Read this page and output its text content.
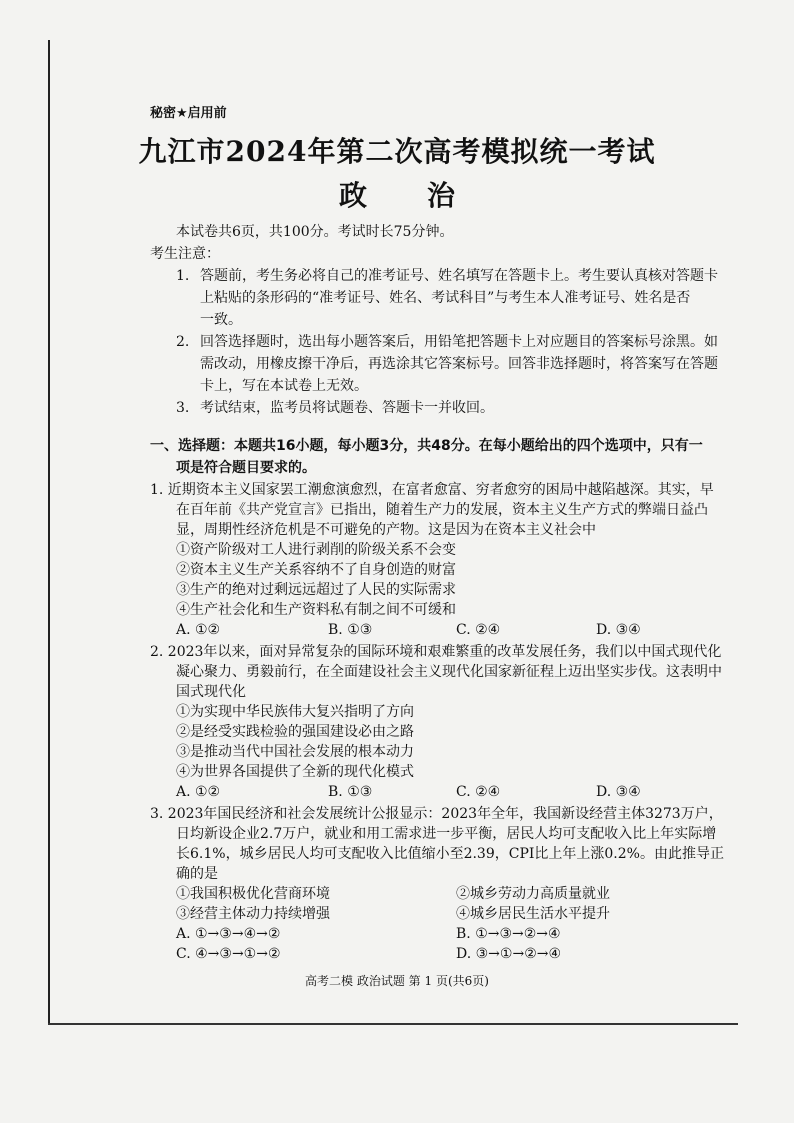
秘密★启用前
九江市2024年第二次高考模拟统一考试
政治
本试卷共6页，共100分。考试时长75分钟。
考生注意：
1. 答题前，考生务必将自己的准考证号、姓名填写在答题卡上。考生要认真核对答题卡
上粘贴的条形码的“准考证号、姓名、考试科目”与考生本人准考证号、姓名是否
一致。
2. 回答选择题时，选出每小题答案后，用铅笔把答题卡上对应题目的答案标号涂黑。如
需改动，用橡皮擦干净后，再选涂其它答案标号。回答非选择题时，将答案写在答题
卡上，写在本试卷上无效。
3. 考试结束，监考员将试题卷、答题卡一并收回。
一、选择题：本题共16小题，每小题3分，共48分。在每小题给出的四个选项中，只有一
项是符合题目要求的。
1. 近期资本主义国家罢工潮愈演愈烈，在富者愈富、穷者愈穷的困局中越陷越深。其实，早
在百年前《共产党宣言》已指出，随着生产力的发展，资本主义生产方式的弊端日益凸
显，周期性经济危机是不可避免的产物。这是因为在资本主义社会中
①资产阶级对工人进行剥削的阶级关系不会变
②资本主义生产关系容纳不了自身创造的财富
③生产的绝对过剩远远超过了人民的实际需求
④生产社会化和生产资料私有制之间不可缓和
A. ①②	B. ①③	C. ②④	D. ③④
2. 2023年以来，面对异常复杂的国际环境和艰难繁重的改革发展任务，我们以中国式现代化
凝心聚力、勇毅前行，在全面建设社会主义现代化国家新征程上迈出坚实步伐。这表明中
国式现代化
①为实现中华民族伟大复兴指明了方向
②是经受实践检验的强国建设必由之路
③是推动当代中国社会发展的根本动力
④为世界各国提供了全新的现代化模式
A. ①②	B. ①③	C. ②④	D. ③④
3. 2023年国民经济和社会发展统计公报显示：2023年全年，我国新设经营主体3273万户，
日均新设企业2.7万户，就业和用工需求进一步平衡，居民人均可支配收入比上年实际增
长6.1%，城乡居民人均可支配收入比值缩小至2.39，CPI比上年上涨0.2%。由此推导正
确的是
①我国积极优化营商环境	②城乡劳动力高质量就业
③经营主体动力持续增强	④城乡居民生活水平提升
A. ①→③→④→②	B. ①→③→②→④
C. ④→③→①→②	D. ③→①→②→④
高考二模 政治试题 第 1 页(共6页)
